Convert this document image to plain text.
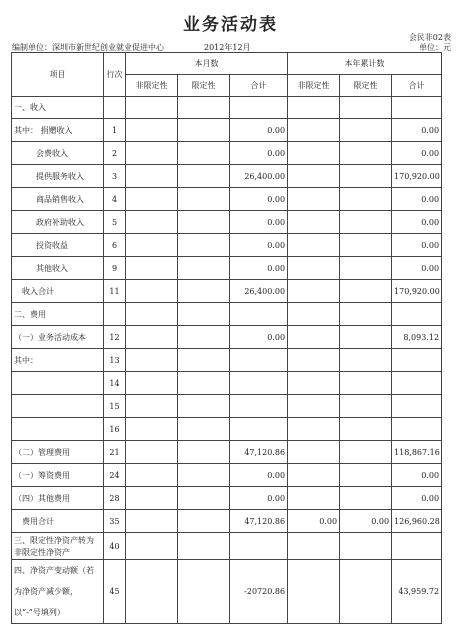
业务活动表
会民非02表
编制单位：深圳市新世纪创业就业促进中心	2012年12月	单位：元
项目	行次	本月数			本年累计数		
		非限定性	限定性	合计	非限定性	限定性	合计
一、收入							
其中： 捐赠收入	1			0.00			0.00
会费收入	2			0.00			0.00
提供服务收入	3			26,400.00			170,920.00
商品销售收入	4			0.00			0.00
政府补助收入	5			0.00			0.00
投资收益	6			0.00			0.00
其他收入	9			0.00			0.00
收入合计	11			26,400.00			170,920.00
二、费用							
（一）业务活动成本	12			0.00			8,093.12
其中：	13						
	14						
	15						
	16						
（二）管理费用	21			47,120.86			118,867.16
（一）筹资费用	24			0.00			0.00
（四）其他费用	28			0.00			0.00
费用合计	35			47,120.86	0.00	0.00	126,960.28
三、限定性净资产转为非限定性净资产	40						
四、净资产变动额（若为净资产减少额，以“-”号填列）	45			-20720.86			43,959.72
